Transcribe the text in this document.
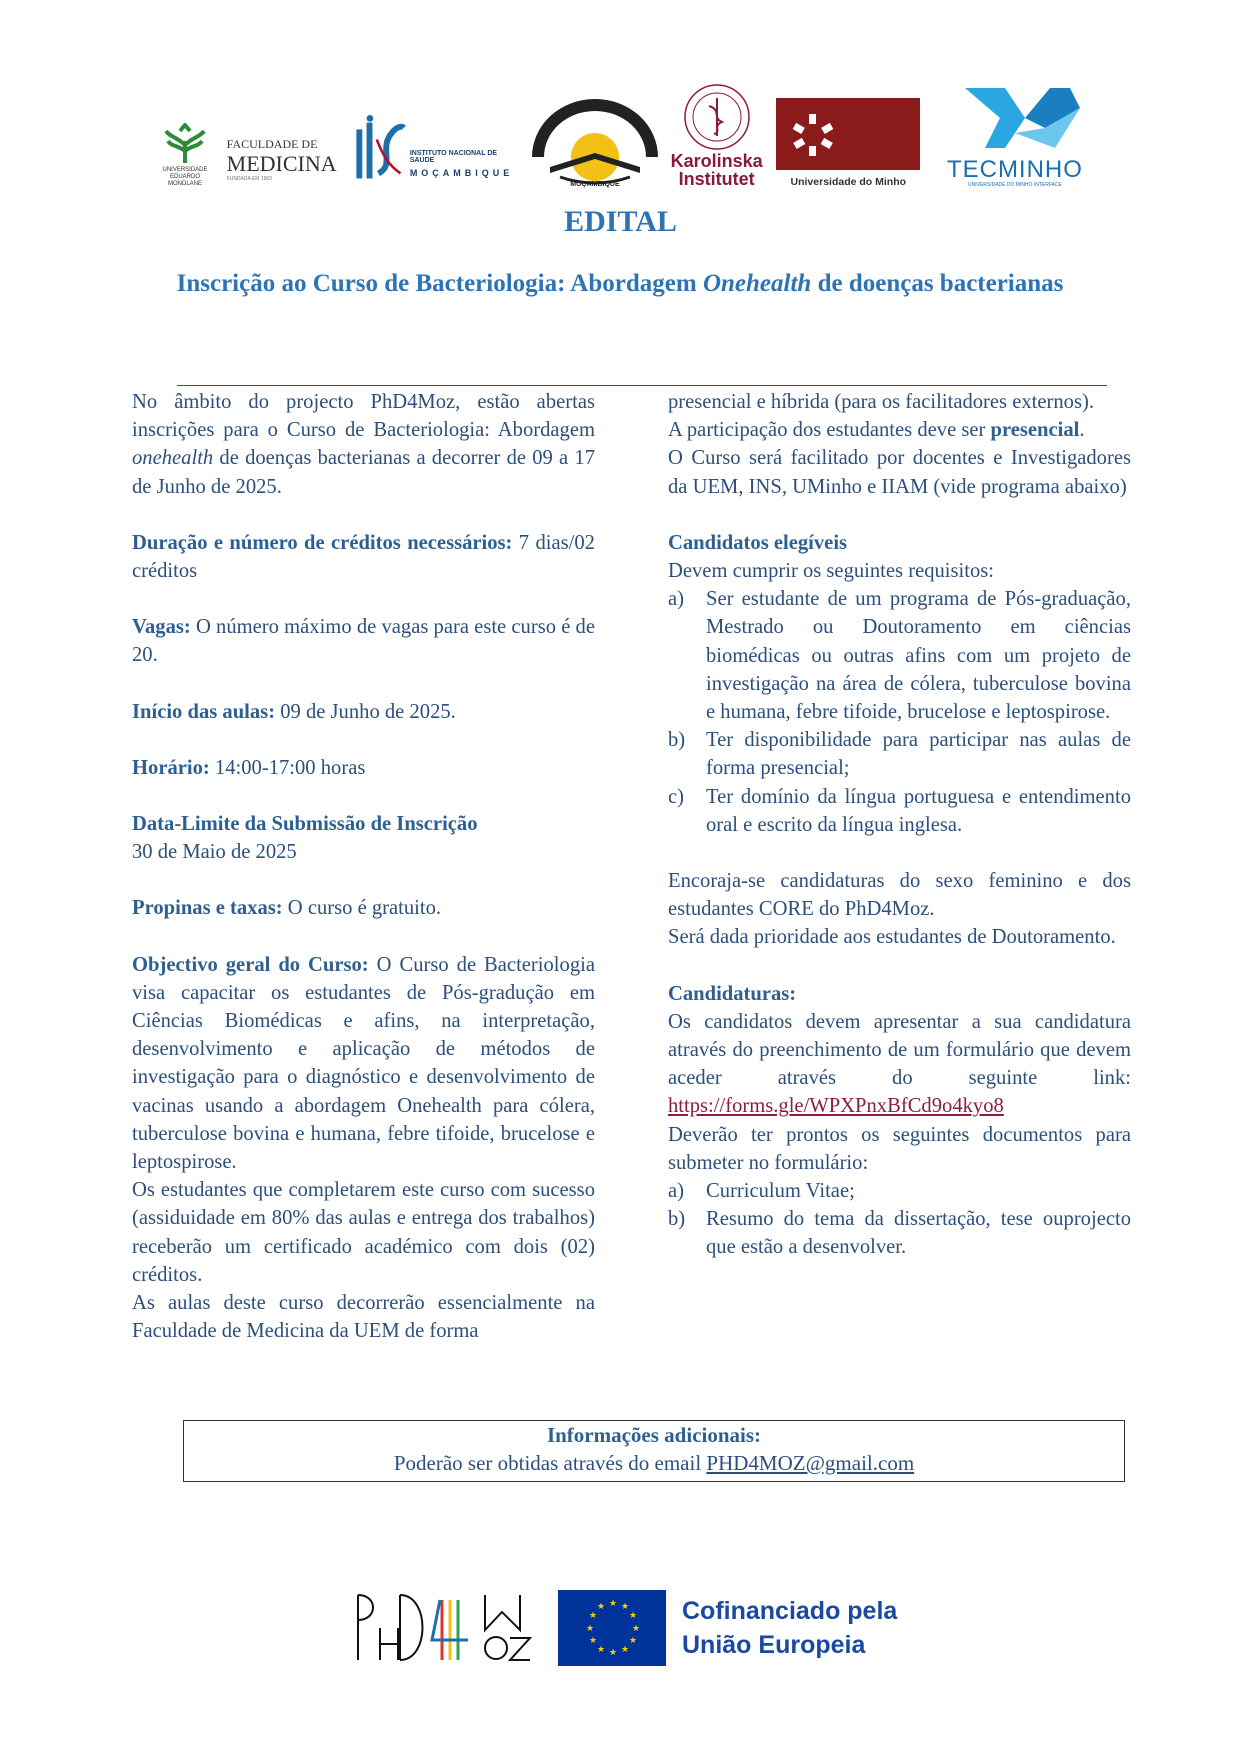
UNIVERSIDADE
EDUARDO
MONDLANE
FACULDADE DE
MEDICINA
FUNDADA EM 1963
INSTITUTO NACIONAL DE SAÚDE
MOÇAMBIQUE
MOÇAMBIQUE
Karolinska
Institutet	Universidade do Minho TECMINHO
UNIVERSIDADE DO MINHO INTERFACE
EDITAL

Inscrição ao Curso de Bacteriologia: Abordagem Onehealth de doenças bacterianas

No âmbito do projecto PhD4Moz, estão abertas inscrições para o Curso de Bacteriologia: Abordagem onehealth de doenças bacterianas a decorrer de 09 a 17 de Junho de 2025.

Duração e número de créditos necessários: 7 dias/02 créditos

Vagas: O número máximo de vagas para este curso é de 20.

Início das aulas: 09 de Junho de 2025.

Horário: 14:00-17:00 horas

Data-Limite da Submissão de Inscrição

30 de Maio de 2025

Propinas e taxas: O curso é gratuito.

Objectivo geral do Curso: O Curso de Bacteriologia visa capacitar os estudantes de Pós-gradução em Ciências Biomédicas e afins, na interpretação, desenvolvimento e aplicação de métodos de investigação para o diagnóstico e desenvolvimento de vacinas usando a abordagem Onehealth para cólera, tuberculose bovina e humana, febre tifoide, brucelose e leptospirose.

Os estudantes que completarem este curso com sucesso (assiduidade em 80% das aulas e entrega dos trabalhos) receberão um certificado académico com dois (02) créditos.

As aulas deste curso decorrerão essencialmente na Faculdade de Medicina da UEM de forma

presencial e híbrida (para os facilitadores externos).

A participação dos estudantes deve ser presencial.

O Curso será facilitado por docentes e Investigadores da UEM, INS, UMinho e IIAM (vide programa abaixo)

Candidatos elegíveis

Devem cumprir os seguintes requisitos:

a)	Ser estudante de um programa de Pós-graduação, Mestrado ou Doutoramento em ciências biomédicas ou outras afins com um projeto de investigação na área de cólera, tuberculose bovina e humana, febre tifoide, brucelose e leptospirose.
b)	Ter disponibilidade para participar nas aulas de forma presencial;
c)	Ter domínio da língua portuguesa e entendimento oral e escrito da língua inglesa.

Encoraja-se candidaturas do sexo feminino e dos estudantes CORE do PhD4Moz.

Será dada prioridade aos estudantes de Doutoramento.

Candidaturas:

Os candidatos devem apresentar a sua candidatura através do preenchimento de um formulário que devem aceder através do seguinte link: https://forms.gle/WPXPnxBfCd9o4kyo8

Deverão ter prontos os seguintes documentos para submeter no formulário:

a)	Curriculum Vitae;
b)	Resumo do tema da dissertação, tese ouprojecto que estão a desenvolver.
Informações adicionais:
Poderão ser obtidas através do email PHD4MOZ@gmail.com
★ ★
★
★
★
★
★
★
★
★
★
★	Cofinanciado pela
União Europeia
